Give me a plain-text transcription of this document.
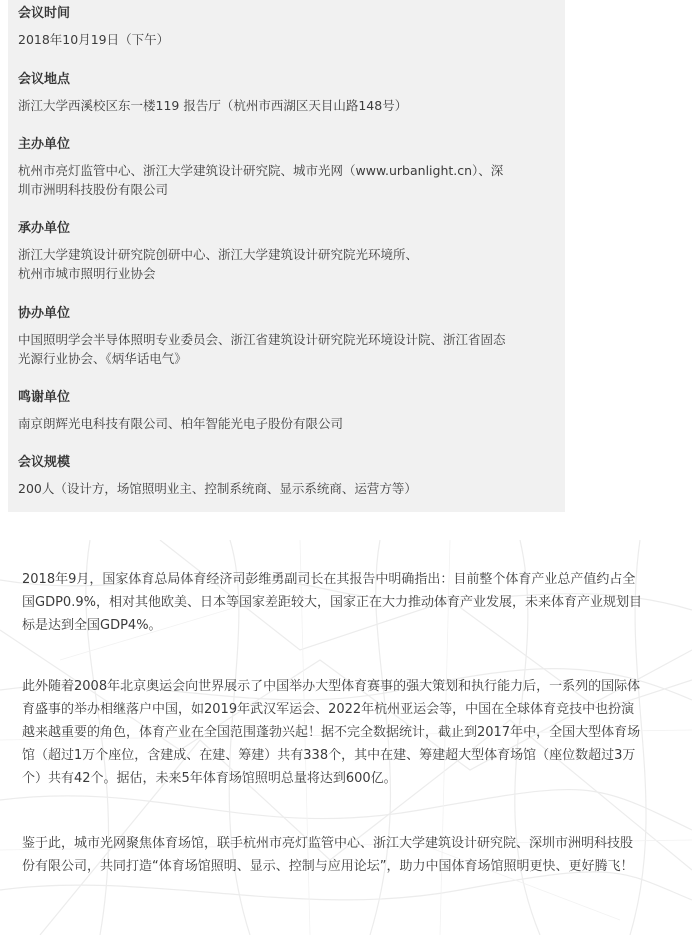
会议时间
2018年10月19日（下午）
会议地点
浙江大学西溪校区东一楼119 报告厅（杭州市西湖区天目山路148号）
主办单位
杭州市亮灯监管中心、浙江大学建筑设计研究院、城市光网（www.urbanlight.cn）、深
圳市洲明科技股份有限公司
承办单位
浙江大学建筑设计研究院创研中心、浙江大学建筑设计研究院光环境所、
杭州市城市照明行业协会
协办单位
中国照明学会半导体照明专业委员会、浙江省建筑设计研究院光环境设计院、浙江省固态
光源行业协会、《炳华话电气》
鸣谢单位
南京朗辉光电科技有限公司、柏年智能光电子股份有限公司
会议规模
200人（设计方，场馆照明业主、控制系统商、显示系统商、运营方等）
2018年9月，国家体育总局体育经济司彭维勇副司长在其报告中明确指出：目前整个体育产业总产值约占全
国GDP0.9%，相对其他欧美、日本等国家差距较大，国家正在大力推动体育产业发展，未来体育产业规划目
标是达到全国GDP4%。
此外随着2008年北京奥运会向世界展示了中国举办大型体育赛事的强大策划和执行能力后，一系列的国际体
育盛事的举办相继落户中国，如2019年武汉军运会、2022年杭州亚运会等，中国在全球体育竞技中也扮演
越来越重要的角色，体育产业在全国范围蓬勃兴起！据不完全数据统计，截止到2017年中，全国大型体育场
馆（超过1万个座位，含建成、在建、筹建）共有338个，其中在建、筹建超大型体育场馆（座位数超过3万
个）共有42个。据估，未来5年体育场馆照明总量将达到600亿。
鉴于此，城市光网聚焦体育场馆，联手杭州市亮灯监管中心、浙江大学建筑设计研究院、深圳市洲明科技股
份有限公司，共同打造“体育场馆照明、显示、控制与应用论坛”，助力中国体育场馆照明更快、更好腾飞！
